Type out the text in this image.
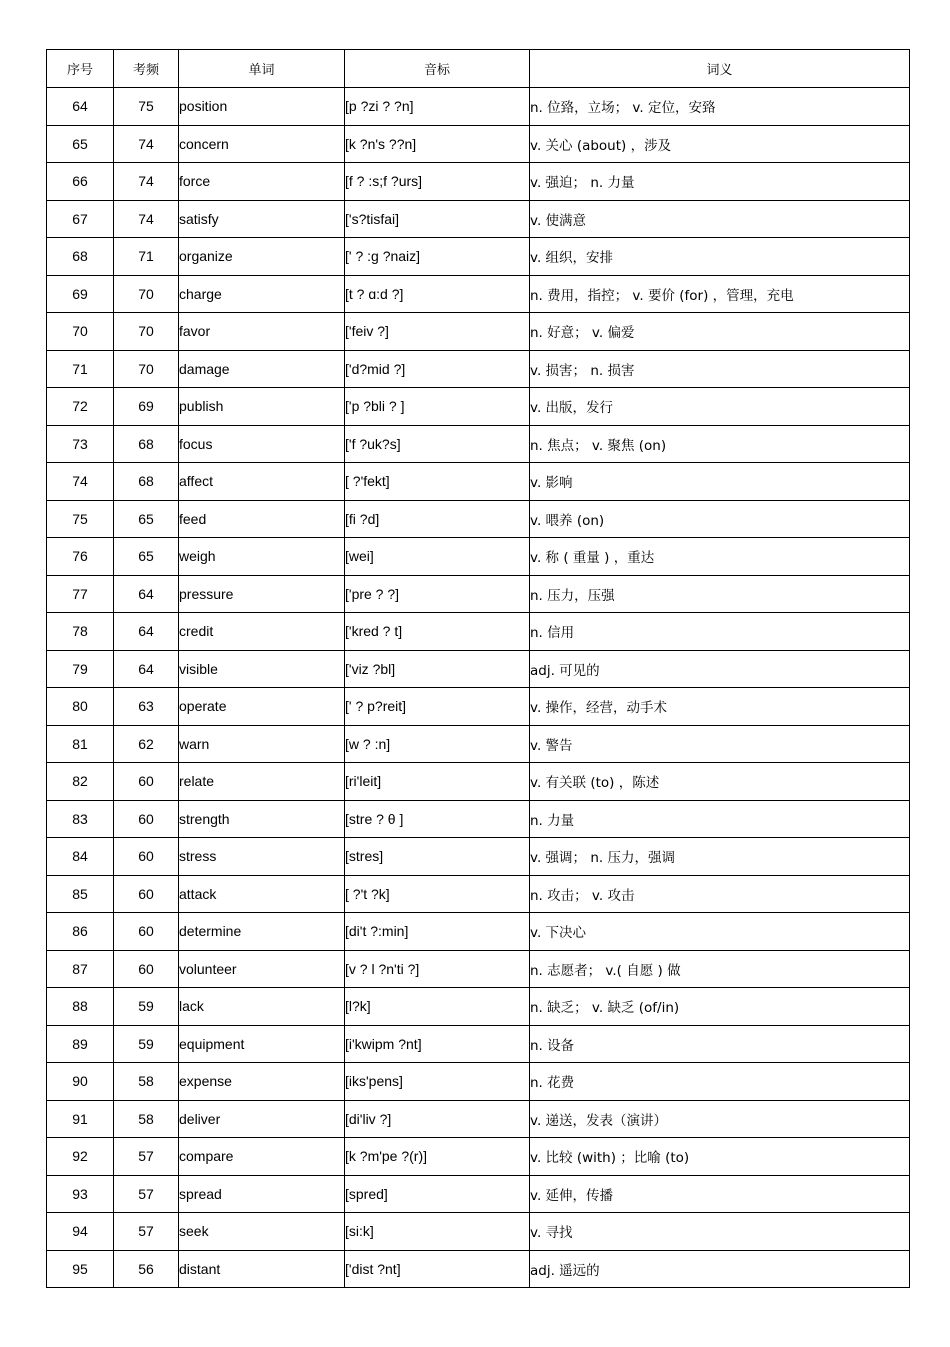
序号	考频	单词	音标	词义
64	75	position	[p ?zi ? ?n]	n. 位臵，立场； v. 定位，安臵
65	74	concern	[k ?n's ??n]	v. 关心 (about) ，涉及
66	74	force	[f ? :s;f ?urs]	v. 强迫； n. 力量
67	74	satisfy	['s?tisfai]	v. 使满意
68	71	organize	[' ? :g ?naiz]	v. 组织，安排
69	70	charge	[t ? ɑ:d ?]	n. 费用，指控； v. 要价 (for) ，管理，充电
70	70	favor	['feiv ?]	n. 好意； v. 偏爱
71	70	damage	['d?mid ?]	v. 损害； n. 损害
72	69	publish	['p ?bli ? ]	v. 出版，发行
73	68	focus	['f ?uk?s]	n. 焦点； v. 聚焦 (on)
74	68	affect	[ ?'fekt]	v. 影响
75	65	feed	[fi ?d]	v. 喂养 (on)
76	65	weigh	[wei]	v. 称 ( 重量 ) ，重达
77	64	pressure	['pre ? ?]	n. 压力，压强
78	64	credit	['kred ? t]	n. 信用
79	64	visible	['viz ?bl]	adj. 可见的
80	63	operate	[' ? p?reit]	v. 操作，经营，动手术
81	62	warn	[w ? :n]	v. 警告
82	60	relate	[ri'leit]	v. 有关联 (to) ，陈述
83	60	strength	[stre ? θ ]	n. 力量
84	60	stress	[stres]	v. 强调； n. 压力，强调
85	60	attack	[ ?'t ?k]	n. 攻击； v. 攻击
86	60	determine	[di't ?:min]	v. 下决心
87	60	volunteer	[v ? l ?n'ti ?]	n. 志愿者； v.( 自愿 ) 做
88	59	lack	[l?k]	n. 缺乏； v. 缺乏 (of/in)
89	59	equipment	[i'kwipm ?nt]	n. 设备
90	58	expense	[iks'pens]	n. 花费
91	58	deliver	[di'liv ?]	v. 递送，发表（演讲）
92	57	compare	[k ?m'pe ?(r)]	v. 比较 (with) ；比喻 (to)
93	57	spread	[spred]	v. 延伸，传播
94	57	seek	[si:k]	v. 寻找
95	56	distant	['dist ?nt]	adj. 遥远的
